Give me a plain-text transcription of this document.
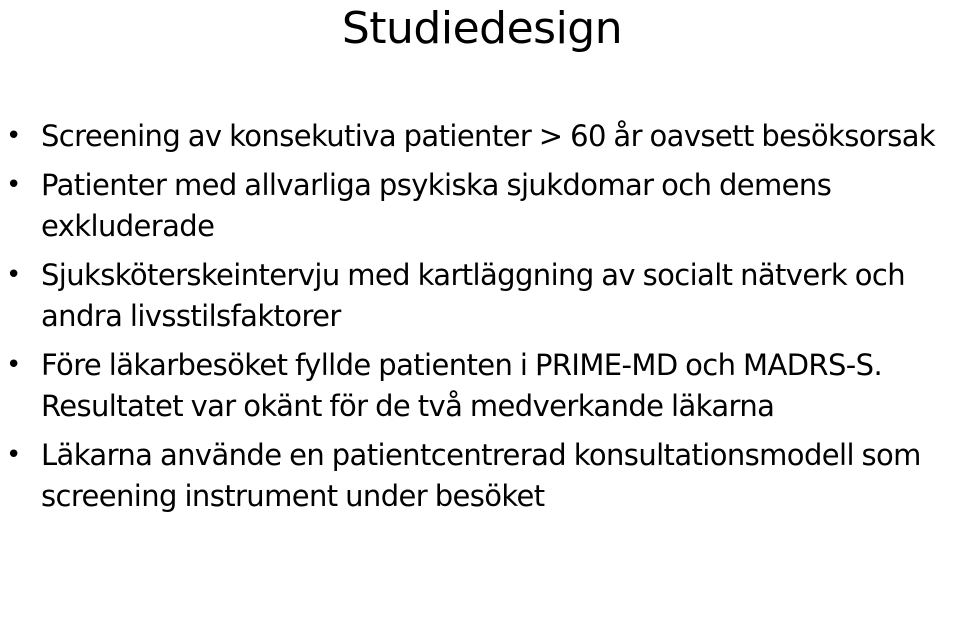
Studiedesign
• Screening av konsekutiva patienter > 60 år oavsett besöksorsak
• Patienter med allvarliga psykiska sjukdomar och demens exkluderade
• Sjuksköterskeintervju med kartläggning av socialt nätverk och andra livsstilsfaktorer
• Före läkarbesöket fyllde patienten i PRIME-MD och MADRS-S. Resultatet var okänt för de två medverkande läkarna
• Läkarna använde en patientcentrerad konsultationsmodell som screening instrument under besöket
